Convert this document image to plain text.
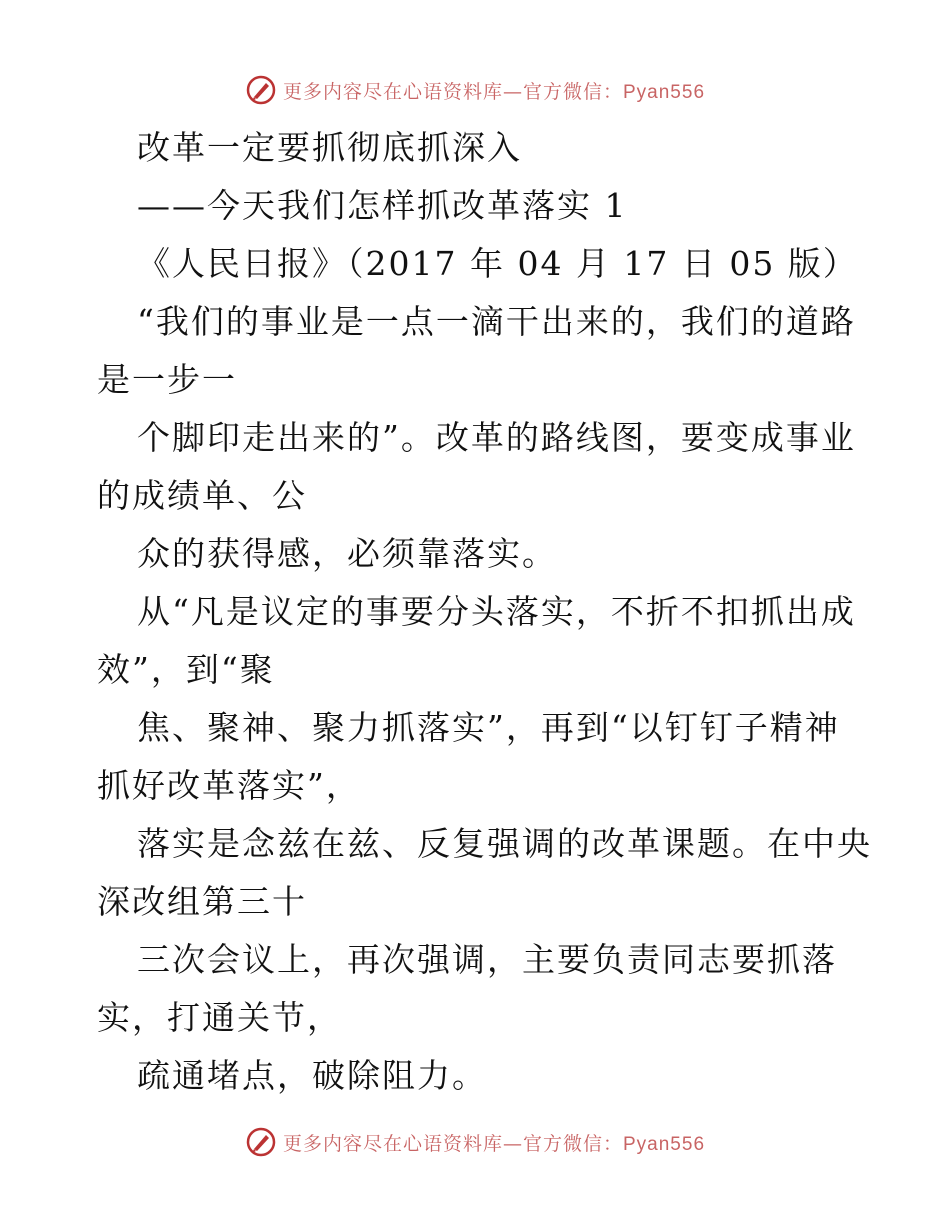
更多内容尽在心语资料库—官方微信：Pyan556
改革一定要抓彻底抓深入
——今天我们怎样抓改革落实 1
《人民日报》（2017 年 04 月 17 日 05 版）
“我们的事业是一点一滴干出来的，我们的道路
是一步一
个脚印走出来的”。改革的路线图，要变成事业
的成绩单、公
众的获得感，必须靠落实。
从“凡是议定的事要分头落实，不折不扣抓出成
效”，到“聚
焦、聚神、聚力抓落实”，再到“以钉钉子精神
抓好改革落实”，
落实是念兹在兹、反复强调的改革课题。在中央
深改组第三十
三次会议上，再次强调，主要负责同志要抓落
实，打通关节，
疏通堵点，破除阻力。
更多内容尽在心语资料库—官方微信：Pyan556
